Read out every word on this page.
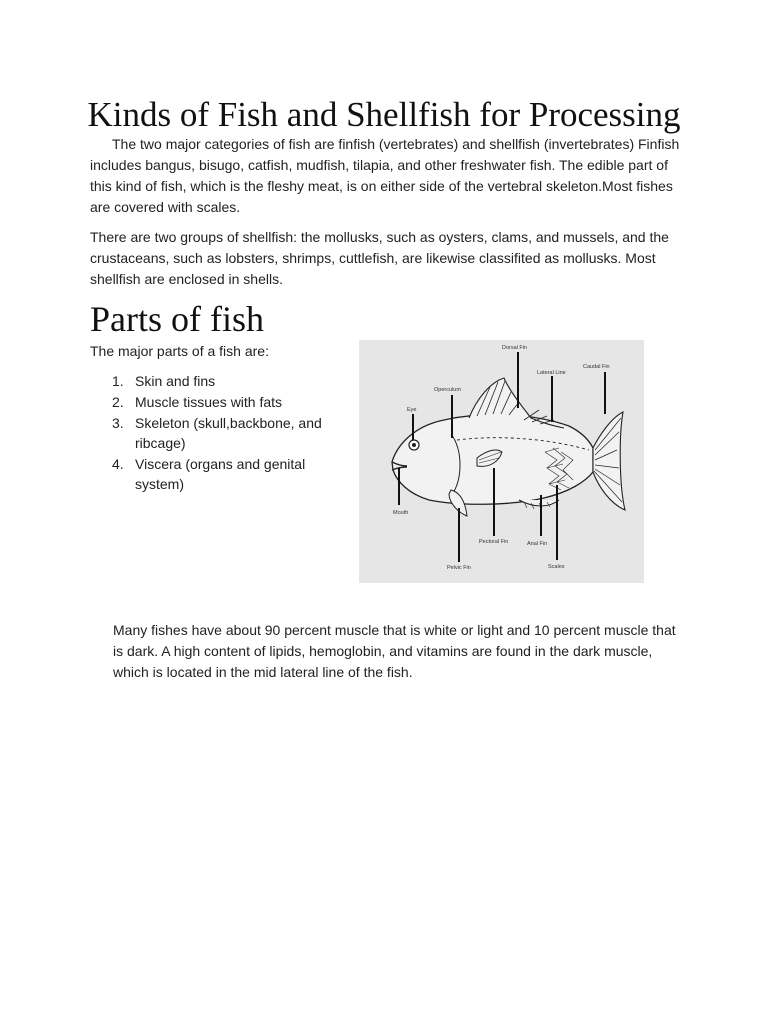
Kinds of Fish and Shellfish for Processing

The two major categories of fish are finfish (vertebrates) and shellfish (invertebrates) Finfish includes bangus, bisugo, catfish, mudfish, tilapia, and other freshwater fish. The edible part of this kind of fish, which is the fleshy meat, is on either side of the vertebral skeleton.Most fishes are covered with scales.

There are two groups of shellfish: the mollusks, such as oysters, clams, and mussels, and the crustaceans, such as lobsters, shrimps, cuttlefish, are likewise classifited as mollusks. Most shellfish are enclosed in shells.

Parts of fish

The major parts of a fish are:

1. Skin and fins
2. Muscle tissues with fats
3. Skeleton (skull,backbone, and ribcage)
4. Viscera (organs and genital system)
Dorsal Fin
Caudal Fin
Lateral Line
Operculum
Eye
Mouth
Pectoral Fin	Anal Fin
Pelvic Fin	Scales

Many fishes have about 90 percent muscle that is white or light and 10 percent muscle that is dark. A high content of lipids, hemoglobin, and vitamins are found in the dark muscle, which is located in the mid lateral line of the fish.
